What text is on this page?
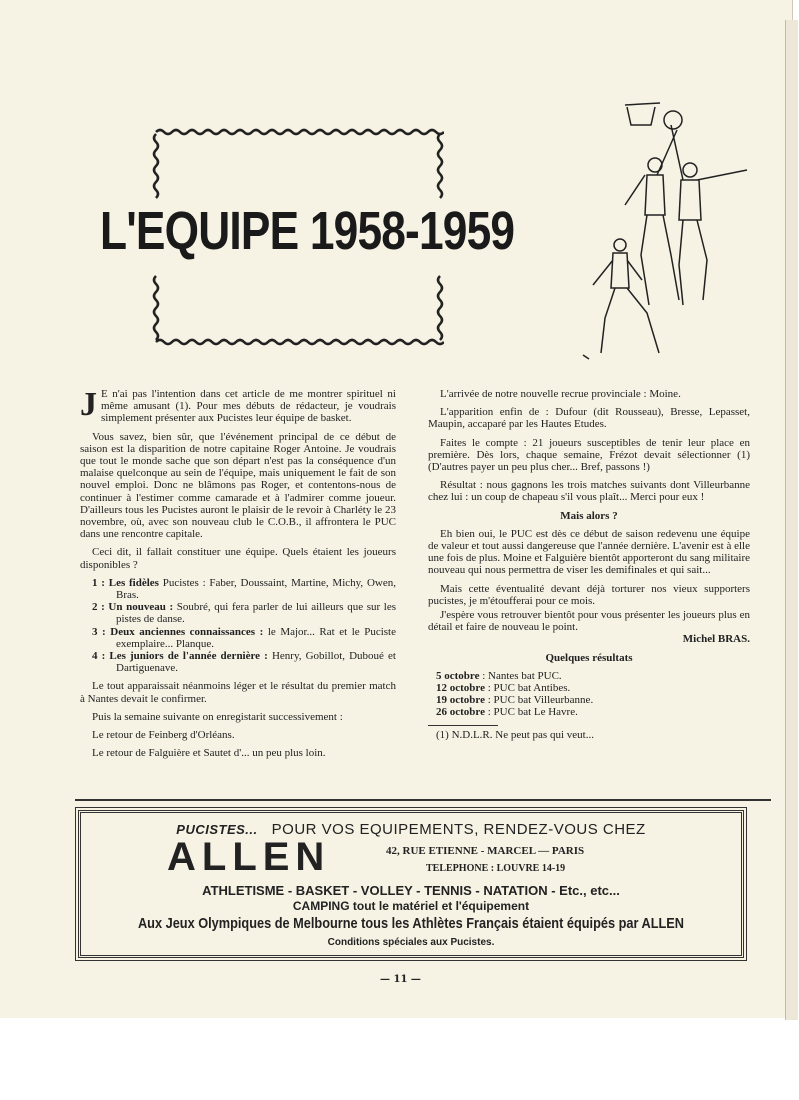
L'EQUIPE 1958-1959

J E n'ai pas l'intention dans cet article de me montrer spirituel ni même amusant (1). Pour mes débuts de rédacteur, je voudrais simplement présenter aux Pucistes leur équipe de basket.

Vous savez, bien sûr, que l'événement principal de ce début de saison est la disparition de notre capitaine Roger Antoine. Je voudrais que tout le monde sache que son départ n'est pas la conséquence d'un malaise quelconque au sein de l'équipe, mais uniquement le fait de son nouvel emploi. Donc ne blâmons pas Roger, et contentons-nous de continuer à l'estimer comme camarade et à l'admirer comme joueur. D'ailleurs tous les Pucistes auront le plaisir de le revoir à Charléty le 23 novembre, où, avec son nouveau club le C.O.B., il affrontera le PUC dans une rencontre capitale.

Ceci dit, il fallait constituer une équipe. Quels étaient les joueurs disponibles ?

1 : Les fidèles Pucistes : Faber, Doussaint, Martine, Michy, Owen, Bras.
2 : Un nouveau : Soubré, qui fera parler de lui ailleurs que sur les pistes de danse.
3 : Deux anciennes connaissances : le Major... Rat et le Puciste exemplaire... Planque.
4 : Les juniors de l'année dernière : Henry, Gobillot, Duboué et Dartiguenave.

Le tout apparaissait néanmoins léger et le résultat du premier match à Nantes devait le confirmer.

Puis la semaine suivante on enregistarit successivement :

Le retour de Feinberg d'Orléans.

Le retour de Falguière et Sautet d'... un peu plus loin.

L'arrivée de notre nouvelle recrue provinciale : Moine.

L'apparition enfin de : Dufour (dit Rousseau), Bresse, Lepasset, Maupin, accaparé par les Hautes Etudes.

Faites le compte : 21 joueurs susceptibles de tenir leur place en première. Dès lors, chaque semaine, Frézot devait sélectionner (1) (D'autres payer un peu plus cher... Bref, passons !)

Résultat : nous gagnons les trois matches suivants dont Villeurbanne chez lui : un coup de chapeau s'il vous plaît... Merci pour eux !

Mais alors ?

Eh bien oui, le PUC est dès ce début de saison redevenu une équipe de valeur et tout aussi dangereuse que l'année dernière. L'avenir est à elle une fois de plus. Moine et Falguière bientôt apporteront du sang militaire nouveau qui nous permettra de viser les demifinales et qui sait...

Mais cette éventualité devant déjà torturer nos vieux supporters pucistes, je m'étoufferai pour ce mois.

J'espère vous retrouver bientôt pour vous présenter les joueurs plus en détail et faire de nouveau le point.

Michel BRAS.

Quelques résultats

5 octobre : Nantes bat PUC.
12 octobre : PUC bat Antibes.
19 octobre : PUC bat Villeurbanne.
26 octobre : PUC bat Le Havre.
(1) N.D.L.R. Ne peut pas qui veut...
PUCISTES... POUR VOS EQUIPEMENTS, RENDEZ-VOUS CHEZ
ALLEN	42, RUE ETIENNE - MARCEL — PARIS
TELEPHONE : LOUVRE 14-19
ATHLETISME - BASKET - VOLLEY - TENNIS - NATATION - Etc., etc...
CAMPING tout le matériel et l'équipement
Aux Jeux Olympiques de Melbourne tous les Athlètes Français étaient équipés par ALLEN
Conditions spéciales aux Pucistes.
— 11 —
